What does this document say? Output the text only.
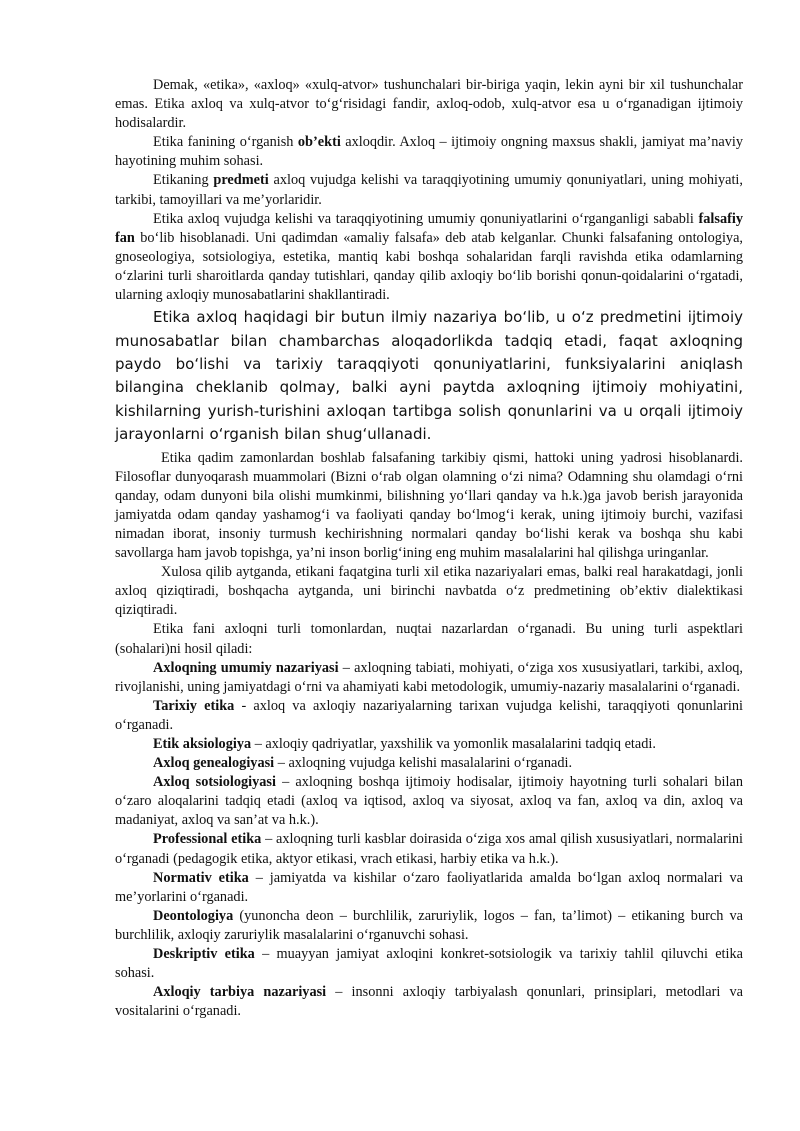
Demak, «etika», «axloq» «xulq-atvor» tushunchalari bir-biriga yaqin, lekin ayni bir xil tushunchalar emas. Etika axloq va xulq-atvor to‘g‘risidagi fandir, axloq-odob, xulq-atvor esa u o‘rganadigan ijtimoiy hodisalardir.

Etika fanining o‘rganish ob’ekti axloqdir. Axloq – ijtimoiy ongning maxsus shakli, jamiyat ma’naviy hayotining muhim sohasi.

Etikaning predmeti axloq vujudga kelishi va taraqqiyotining umumiy qonuniyatlari, uning mohiyati, tarkibi, tamoyillari va me’yorlaridir.

Etika axloq vujudga kelishi va taraqqiyotining umumiy qonuniyatlarini o‘rganganligi sababli falsafiy fan bo‘lib hisoblanadi. Uni qadimdan «amaliy falsafa» deb atab kelganlar. Chunki falsafaning ontologiya, gnoseologiya, sotsiologiya, estetika, mantiq kabi boshqa sohalaridan farqli ravishda etika odamlarning o‘zlarini turli sharoitlarda qanday tutishlari, qanday qilib axloqiy bo‘lib borishi qonun-qoidalarini o‘rgatadi, ularning axloqiy munosabatlarini shakllantiradi.

Etika axloq haqidagi bir butun ilmiy nazariya bo‘lib, u o‘z predmetini ijtimoiy munosabatlar bilan chambarchas aloqadorlikda tadqiq etadi, faqat axloqning paydo bo‘lishi va tarixiy taraqqiyoti qonuniyatlarini, funksiyalarini aniqlash bilangina cheklanib qolmay, balki ayni paytda axloqning ijtimoiy mohiyatini, kishilarning yurish-turishini axloqan tartibga solish qonunlarini va u orqali ijtimoiy jarayonlarni o‘rganish bilan shug‘ullanadi.

Etika qadim zamonlardan boshlab falsafaning tarkibiy qismi, hattoki uning yadrosi hisoblanardi. Filosoflar dunyoqarash muammolari (Bizni o‘rab olgan olamning o‘zi nima? Odamning shu olamdagi o‘rni qanday, odam dunyoni bila olishi mumkinmi, bilishning yo‘llari qanday va h.k.)ga javob berish jarayonida jamiyatda odam qanday yashamog‘i va faoliyati qanday bo‘lmog‘i kerak, uning ijtimoiy burchi, vazifasi nimadan iborat, insoniy turmush kechirishning normalari qanday bo‘lishi kerak va boshqa shu kabi savollarga ham javob topishga, ya’ni inson borlig‘ining eng muhim masalalarini hal qilishga uringanlar.

Xulosa qilib aytganda, etikani faqatgina turli xil etika nazariyalari emas, balki real harakatdagi, jonli axloq qiziqtiradi, boshqacha aytganda, uni birinchi navbatda o‘z predmetining ob’ektiv dialektikasi qiziqtiradi.

Etika fani axloqni turli tomonlardan, nuqtai nazarlardan o‘rganadi. Bu uning turli aspektlari (sohalari)ni hosil qiladi:

Axloqning umumiy nazariyasi – axloqning tabiati, mohiyati, o‘ziga xos xususiyatlari, tarkibi, axloq, rivojlanishi, uning jamiyatdagi o‘rni va ahamiyati kabi metodologik, umumiy-nazariy masalalarini o‘rganadi.

Tarixiy etika - axloq va axloqiy nazariyalarning tarixan vujudga kelishi, taraqqiyoti qonunlarini o‘rganadi.

Etik aksiologiya – axloqiy qadriyatlar, yaxshilik va yomonlik masalalarini tadqiq etadi.

Axloq genealogiyasi – axloqning vujudga kelishi masalalarini o‘rganadi.

Axloq sotsiologiyasi – axloqning boshqa ijtimoiy hodisalar, ijtimoiy hayotning turli sohalari bilan o‘zaro aloqalarini tadqiq etadi (axloq va iqtisod, axloq va siyosat, axloq va fan, axloq va din, axloq va madaniyat, axloq va san’at va h.k.).

Professional etika – axloqning turli kasblar doirasida o‘ziga xos amal qilish xususiyatlari, normalarini o‘rganadi (pedagogik etika, aktyor etikasi, vrach etikasi, harbiy etika va h.k.).

Normativ etika – jamiyatda va kishilar o‘zaro faoliyatlarida amalda bo‘lgan axloq normalari va me’yorlarini o‘rganadi.

Deontologiya (yunoncha deon – burchlilik, zaruriylik, logos – fan, ta’limot) – etikaning burch va burchlilik, axloqiy zaruriylik masalalarini o‘rganuvchi sohasi.

Deskriptiv etika – muayyan jamiyat axloqini konkret-sotsiologik va tarixiy tahlil qiluvchi etika sohasi.

Axloqiy tarbiya nazariyasi – insonni axloqiy tarbiyalash qonunlari, prinsiplari, metodlari va vositalarini o‘rganadi.
